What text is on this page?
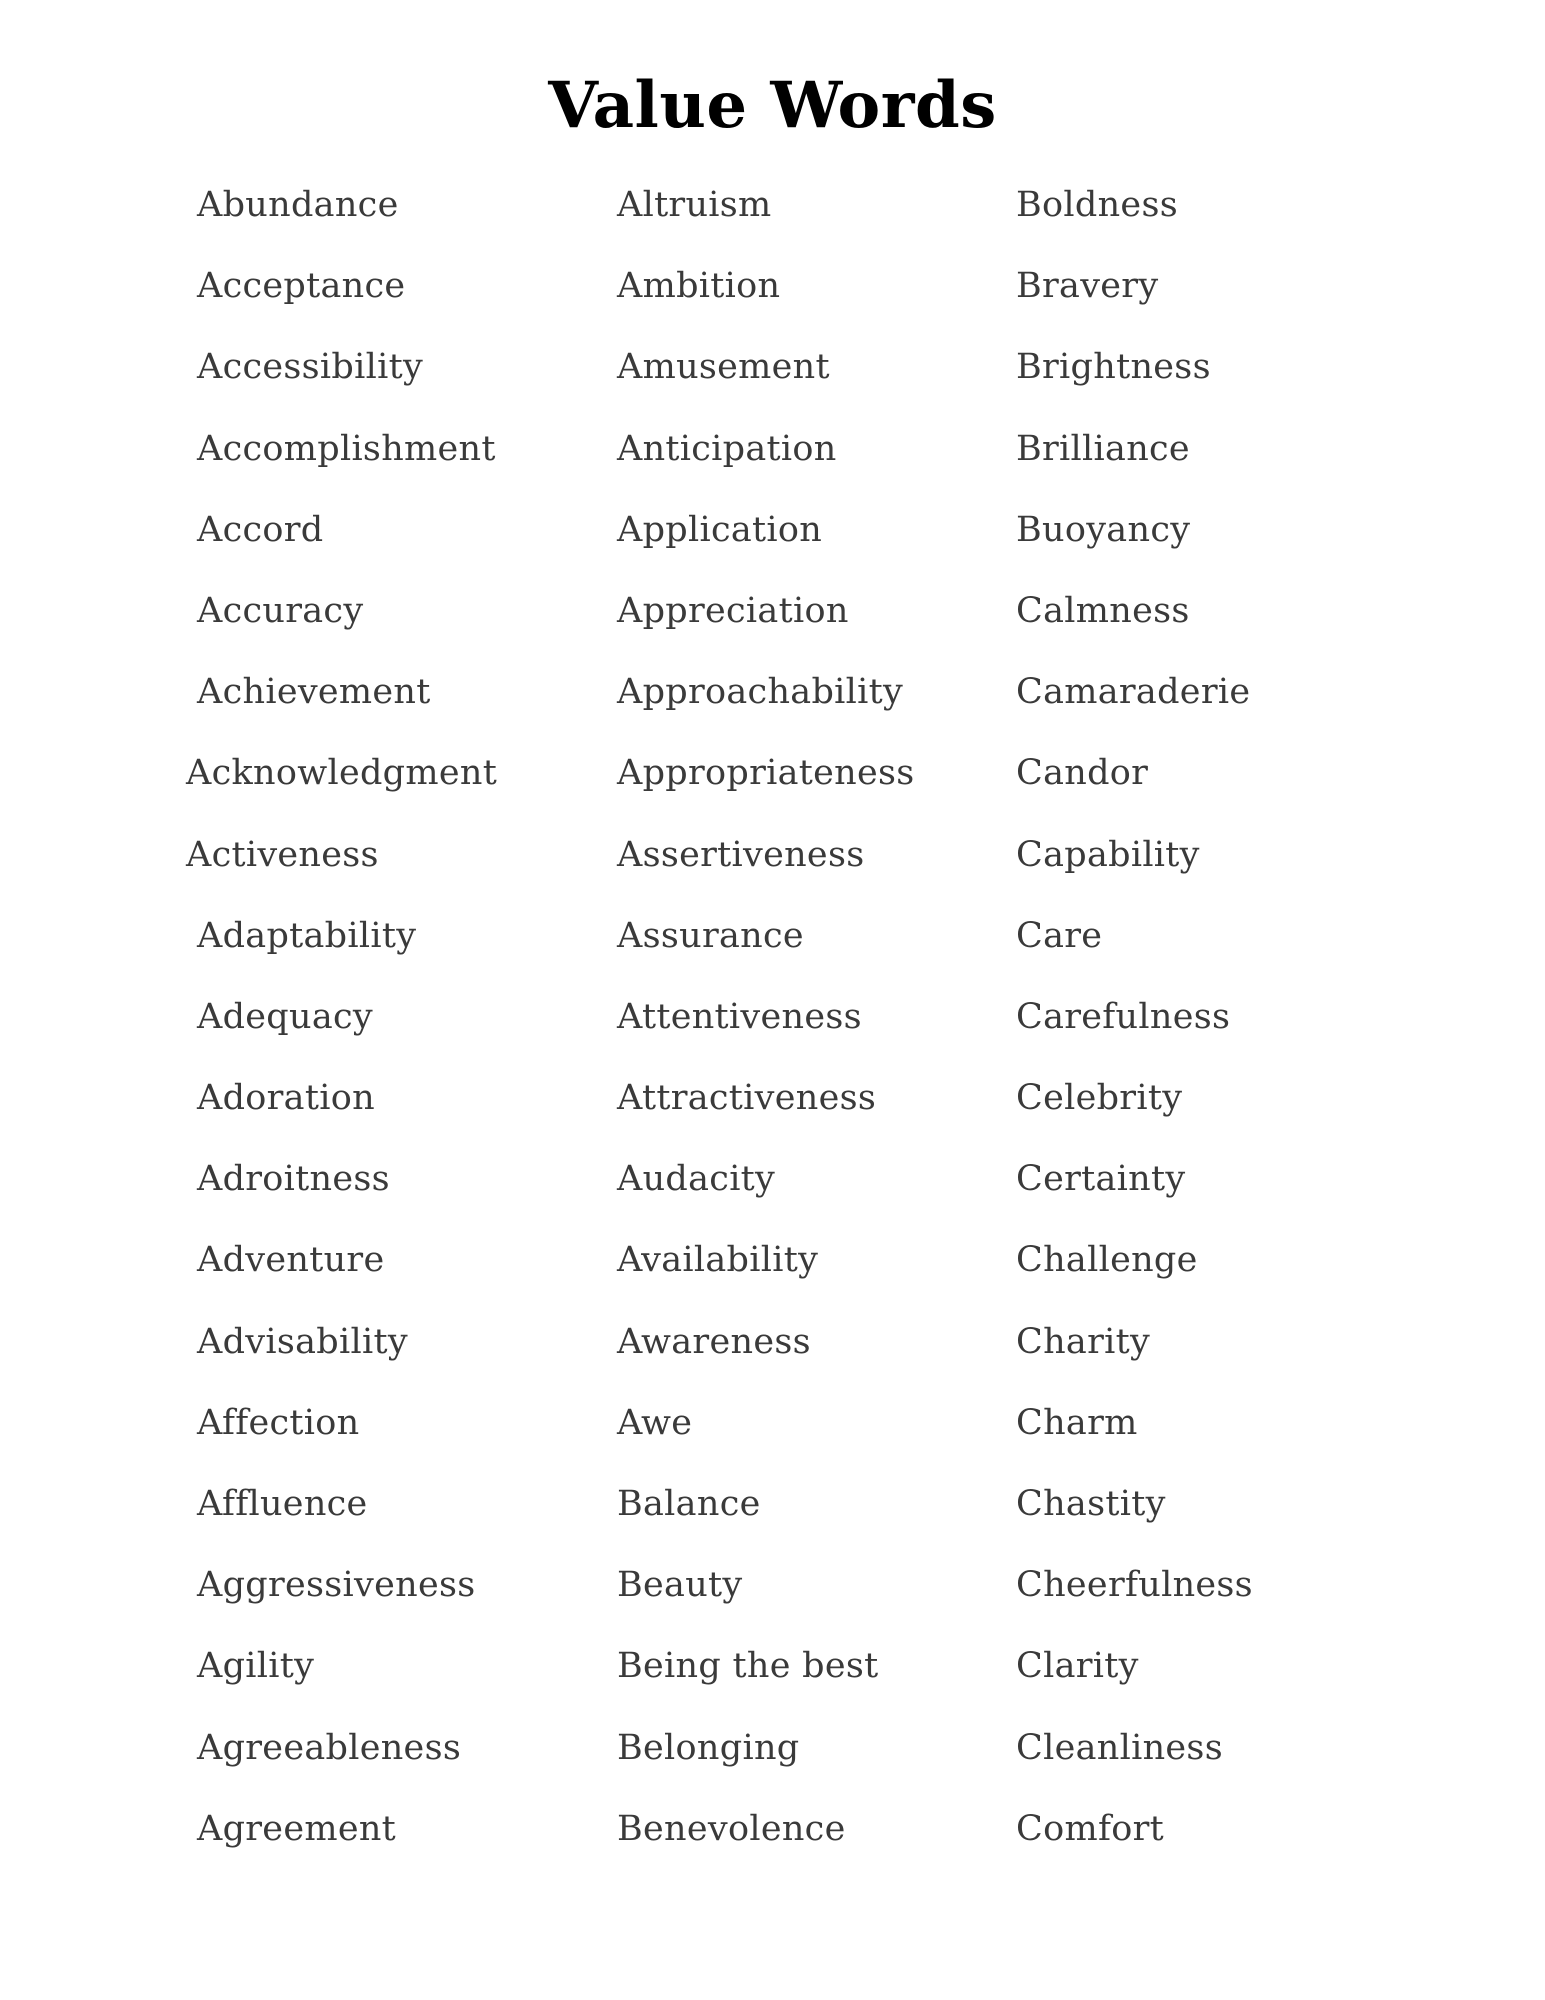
Value Words
Abundance
Acceptance
Accessibility
Accomplishment
Accord
Accuracy
Achievement
Acknowledgment
Activeness
Adaptability
Adequacy
Adoration
Adroitness
Adventure
Advisability
Affection
Affluence
Aggressiveness
Agility
Agreeableness
Agreement
Altruism
Ambition
Amusement
Anticipation
Application
Appreciation
Approachability
Appropriateness
Assertiveness
Assurance
Attentiveness
Attractiveness
Audacity
Availability
Awareness
Awe
Balance
Beauty
Being the best
Belonging
Benevolence
Boldness
Bravery
Brightness
Brilliance
Buoyancy
Calmness
Camaraderie
Candor
Capability
Care
Carefulness
Celebrity
Certainty
Challenge
Charity
Charm
Chastity
Cheerfulness
Clarity
Cleanliness
Comfort
